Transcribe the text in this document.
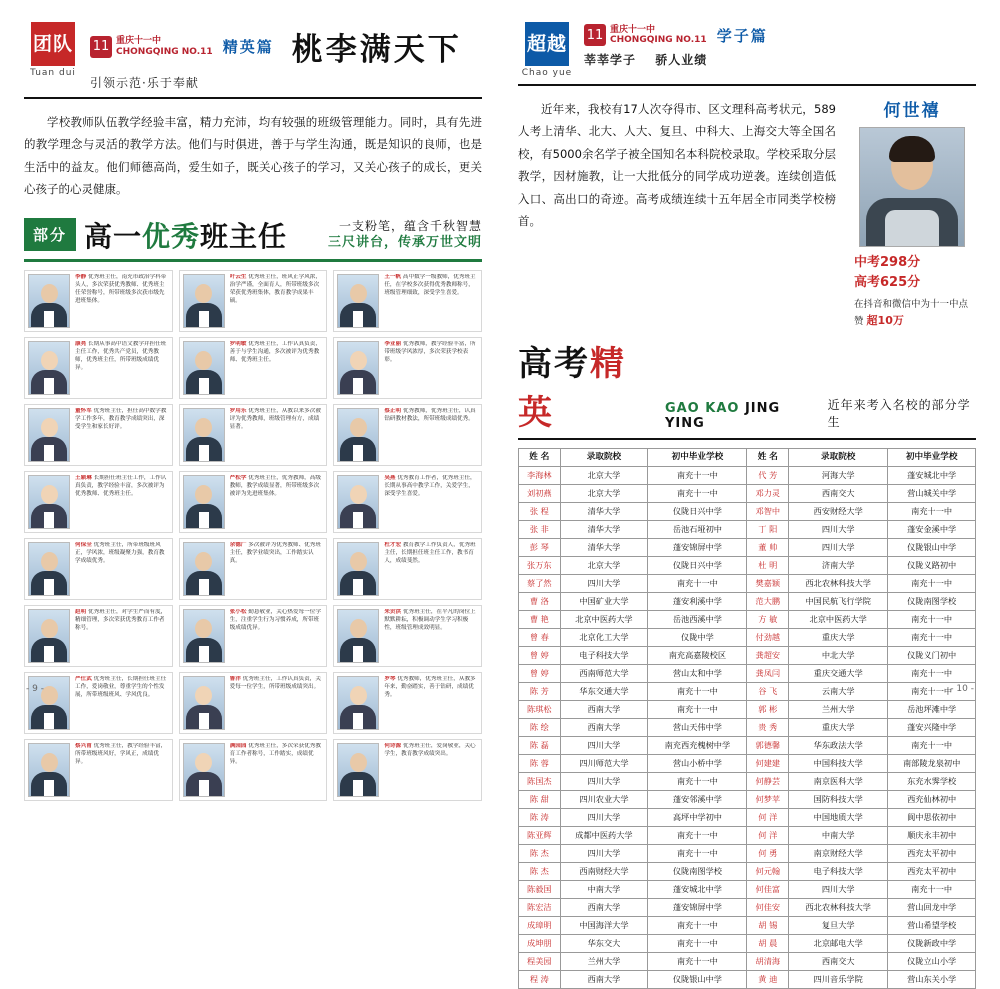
团队
Tuan dui
11 重庆十一中
CHONGQING NO.11 精英篇 桃李满天下
引领示范·乐于奉献
学校教师队伍教学经验丰富，精力充沛，均有较强的班级管理能力。同时，具有先进的教学理念与灵活的教学方法。他们与时俱进，善于与学生沟通，既是知识的良师，也是生活中的益友。他们师德高尚，爱生如子，既关心孩子的学习，又关心孩子的成长，更关心孩子的心灵健康。
部分 高一优秀班主任	一支粉笔，蕴含千秋智慧
三尺讲台，传承万世文明
李静 优秀班主任，南充市政治学科带头人，多次荣获优秀教师、优秀班主任荣誉称号，所带班级多次获市级先进班集体。
叶云生 优秀班主任，班风正学风浓，治学严谨，全面育人，所带班级多次荣获优秀班集体，教育教学成果丰硕。
王一帆 高中数学一级教师，优秀班主任，在学校多次获得优秀教师称号，班级管理细致，深受学生喜爱。
康亮 长期从事高中语文教学并担任班主任工作，优秀共产党员，优秀教师，优秀班主任，所带班级成绩优异。
罗明敏 优秀班主任，工作认真负责，善于与学生沟通，多次被评为优秀教师、优秀班主任。
李亚丽 优秀教师，教学经验丰富，所带班级学风浓厚，多次荣获学校表彰。
董怀军 优秀班主任，担任高中数学教学工作多年，教育教学成绩突出，深受学生和家长好评。
罗用乐 优秀班主任，从教以来多次被评为优秀教师，班级管理有方，成绩显著。
蔡正明 优秀教师，优秀班主任，认真钻研教材教法，所带班级成绩优秀。
王颖琳 长期担任班主任工作，工作认真负责，教学经验丰富，多次被评为优秀教师、优秀班主任。
严松学 优秀班主任，优秀教师，高级教师，教学成绩显著，所带班级多次被评为先进班集体。
吴燕 优秀教育工作者，优秀班主任，长期从事高中教学工作，关爱学生，深受学生喜爱。
何保全 优秀班主任，所带班级班风正，学风浓，班级凝聚力强，教育教学成绩优秀。
余德广 多次被评为优秀教师、优秀班主任，教学业绩突出，工作踏实认真。
杜才宏 教育教学工作负责人，优秀班主任，长期担任班主任工作，教书育人，成绩斐然。
赵明 优秀班主任，对学生严而有度，精细管理，多次荣获优秀教育工作者称号。
张小松 勤恳敬业，关心热爱每一位学生，注重学生行为习惯养成，所带班级成绩优异。
朱贡洪 优秀班主任，在平凡的岗位上默默耕耘，积极调动学生学习积极性，班级管理成效明显。
严仕武 优秀班主任，长期担任班主任工作，爱岗敬业，尊重学生的个性发展，所带班级班风、学风优良。
鲁洋 优秀班主任，工作认真负责，关爱每一位学生，所带班级成绩突出。
罗琴 优秀教师，优秀班主任，从教多年来，勤奋踏实，善于钻研，成绩优秀。
蔡兴甫 优秀班主任，教学经验丰富，所带班级班风好，学风正，成绩优异。
满园园 优秀班主任，多次荣获优秀教育工作者称号，工作踏实，成绩优异。
何诗源 优秀班主任，爱岗敬业，关心学生，教育教学成绩突出。
- 9 -
超越
Chao yue
11 重庆十一中
CHONGQING NO.11 学子篇
莘莘学子 骄人业绩
何世禧
中考298分
高考625分
在抖音和微信中为十一中点赞 超10万
近年来，我校有17人次夺得市、区文理科高考状元，589人考上清华、北大、人大、复旦、中科大、上海交大等全国名校，有5000余名学子被全国知名本科院校录取。学校采取分层教学，因材施教，让一大批低分的同学成功逆袭。连续创造低入口、高出口的奇迹。高考成绩连续十五年居全市同类学校榜首。
高考精英	GAO KAO JING YING
近年来考入名校的部分学生
姓 名	录取院校	初中毕业学校	姓 名	录取院校	初中毕业学校
李海林	北京大学	南充十一中	代 芳	河海大学	蓬安城北中学
刘初燕	北京大学	南充十一中	邓力灵	西南交大	营山城关中学
张 程	清华大学	仪陇日兴中学	邓智中	西安财经大学	南充十一中
张 非	清华大学	岳池石垭初中	丁 阳	四川大学	蓬安金溪中学
彭 琴	清华大学	蓬安锦屏中学	董 帅	四川大学	仪陇银山中学
张万东	北京大学	仪陇日兴中学	杜 明	济南大学	仪陇义路初中
蔡了然	四川大学	南充十一中	樊嘉颖	西北农林科技大学	南充十一中
曹 洛	中国矿业大学	蓬安利溪中学	范大鹏	中国民航飞行学院	仪陇南图学校
曹 艳	北京中医药大学	岳池西溪中学	方 敏	北京中医药大学	南充十一中
曾 春	北京化工大学	仪陇中学	付劲越	重庆大学	南充十一中
曾 婷	电子科技大学	南充高嘉陵校区	龚超安	中北大学	仪陇义门初中
曾 婷	西南师范大学	营山太和中学	龚凤闫	重庆交通大学	南充十一中
陈 芳	华东交通大学	南充十一中	谷 飞	云南大学	南充十一中
陈琪松	西南大学	南充十一中	郭 彬	兰州大学	岳池坪滩中学
陈 绘	西南大学	营山天伟中学	贵 秀	重庆大学	蓬安兴隆中学
陈 磊	四川大学	南充西充槐树中学	郭德馨	华东政法大学	南充十一中
陈 蓉	四川师范大学	营山小桥中学	何建建	中国科技大学	南部陵龙泉初中
陈国杰	四川大学	南充十一中	何静芸	南京医科大学	东充水霁学校
陈 甜	四川农业大学	蓬安邻溪中学	何梦苹	国防科技大学	西充仙林初中
陈 涛	四川大学	高坪中学初中	何 洋	中国地质大学	阆中思依初中
陈亚辉	成都中医药大学	南充十一中	何 洋	中南大学	顺庆永丰初中
陈 杰	四川大学	南充十一中	何 勇	南京财经大学	西充太平初中
陈 杰	西南财经大学	仪陇南图学校	何元翰	电子科技大学	西充太平初中
陈毅国	中南大学	蓬安城北中学	何佳富	四川大学	南充十一中
陈宏洁	西南大学	蓬安锦屏中学	何佳安	西北农林科技大学	营山回龙中学
成璋明	中国海洋大学	南充十一中	胡 锡	复旦大学	营山希望学校
成坤朋	华东交大	南充十一中	胡 晨	北京邮电大学	仪陇新政中学
程美园	兰州大学	南充十一中	胡清海	西南交大	仪陇立山小学
程 涛	西南大学	仪陇银山中学	黄 迪	四川音乐学院	营山东关小学
- 10 -
